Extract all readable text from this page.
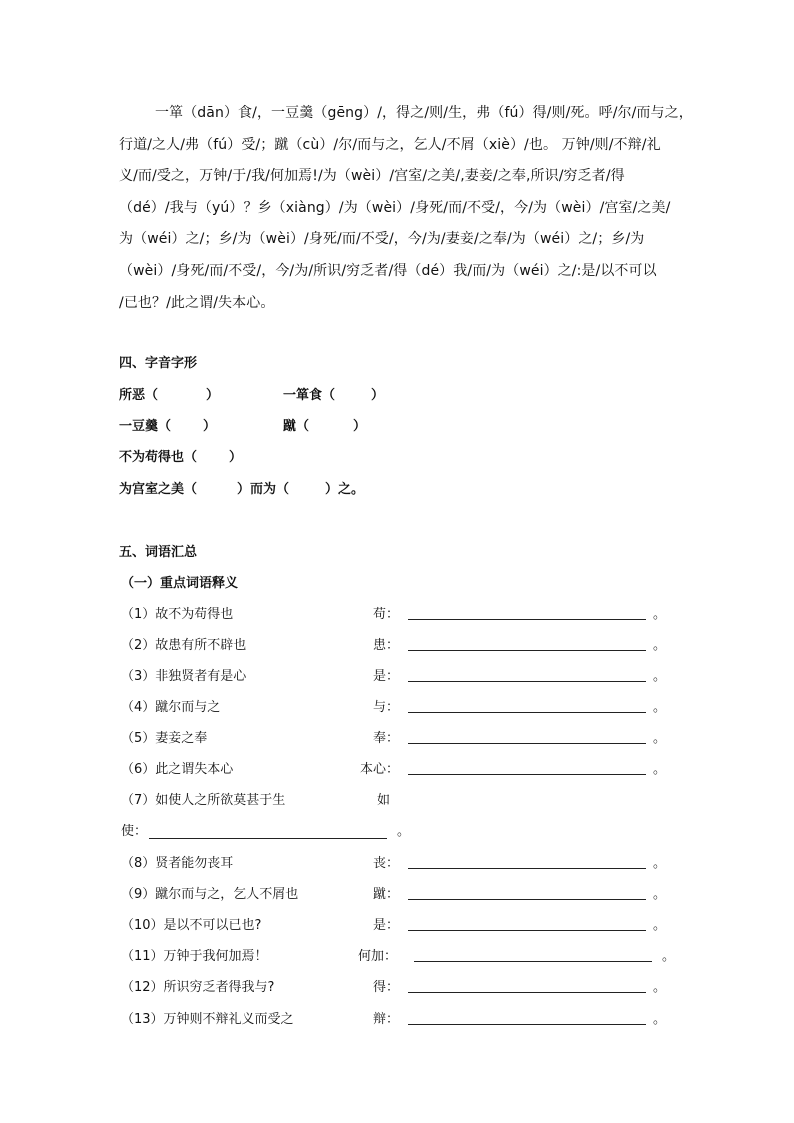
一箪（dān）食/，一豆羹（gēng）/，得之/则/生，弗（fú）得/则/死。呼/尔/而与之，
行道/之人/弗（fú）受/；蹴（cù）/尔/而与之，乞人/不屑（xiè）/也。 万钟/则/不辩/礼
义/而/受之，万钟/于/我/何加焉!/为（wèi）/宫室/之美/,妻妾/之奉,所识/穷乏者/得
（dé）/我与（yú）？乡（xiàng）/为（wèi）/身死/而/不受/，今/为（wèi）/宫室/之美/
为（wéi）之/；乡/为（wèi）/身死/而/不受/，今/为/妻妾/之奉/为（wéi）之/；乡/为
（wèi）/身死/而/不受/，今/为/所识/穷乏者/得（dé）我/而/为（wéi）之/:是/以不可以
/已也？/此之谓/失本心。
四、字音字形
所恶（	）	一箪食（	）
一豆羹（ ）	蹴（	）
不为苟得也（ ）
为宫室之美（	）而为（	）之。
五、词语汇总
（一）重点词语释义
（1）故不为苟得也	苟：	。
（2）故患有所不辟也	患：	。
（3）非独贤者有是心	是：	。
（4）蹴尔而与之	与：	。
（5）妻妾之奉	奉：	。
（6）此之谓失本心	本心：	。
（7）如使人之所欲莫甚于生	如
使：	。
（8）贤者能勿丧耳	丧：	。
（9）蹴尔而与之，乞人不屑也	蹴：	。
（10）是以不可以已也?	是：	。
（11）万钟于我何加焉！	何加：	。
（12）所识穷乏者得我与?	得：	。
（13）万钟则不辩礼义而受之	辩：	。
